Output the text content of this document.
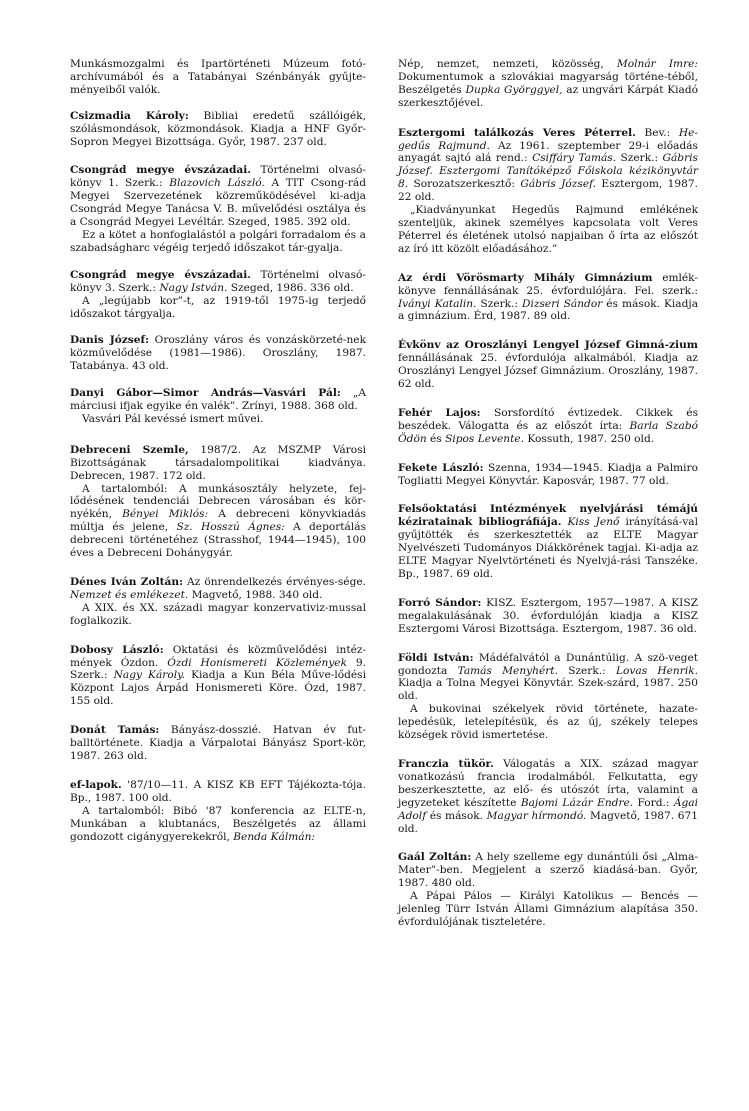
Munkásmozgalmi és Ipartörténeti Múzeum fotó-archívumából és a Tatabányai Szénbányák gyűjte-ményeiből valók.

Csizmadia Károly: Bibliai eredetű szállóigék, szólásmondások, közmondások. Kiadja a HNF Győr-Sopron Megyei Bizottsága. Győr, 1987. 237 old.

Csongrád megye évszázadai. Történelmi olvasó-könyv 1. Szerk.: Blazovich László. A TIT Csong-rád Megyei Szervezetének közreműködésével ki-adja Csongrád Megye Tanácsa V. B. művelődési osztálya és a Csongrád Megyei Levéltár. Szeged, 1985. 392 old.

Ez a kötet a honfoglalástól a polgári forradalom és a szabadságharc végéig terjedő időszakot tár-gyalja.

Csongrád megye évszázadai. Történelmi olvasó-könyv 3. Szerk.: Nagy István. Szeged, 1986. 336 old.

A „legújabb kor”-t, az 1919-től 1975-ig terjedő időszakot tárgyalja.

Danis József: Oroszlány város és vonzáskörzeté-nek közművelődése (1981—1986). Oroszlány, 1987. Tatabánya. 43 old.

Danyi Gábor—Simor András—Vasvári Pál: „A márciusi ifjak egyike én valék”. Zrínyi, 1988. 368 old.

Vasvári Pál kevéssé ismert művei.

Debreceni Szemle, 1987/2. Az MSZMP Városi Bizottságának társadalompolitikai kiadványa. Debrecen, 1987. 172 old.

A tartalomból: A munkásosztály helyzete, fej-lődésének tendenciái Debrecen városában és kör-nyékén, Bényei Miklós: A debreceni könyvkiadás múltja és jelene, Sz. Hosszú Ágnes: A deportálás debreceni történetéhez (Strasshof, 1944—1945), 100 éves a Debreceni Dohánygyár.

Dénes Iván Zoltán: Az önrendelkezés érvényes-sége. Nemzet és emlékezet. Magvető, 1988. 340 old.

A XIX. és XX. századi magyar konzervativiz-mussal foglalkozik.

Dobosy László: Oktatási és közművelődési intéz-mények Ózdon. Ózdi Honismereti Közlemények 9. Szerk.: Nagy Károly. Kiadja a Kun Béla Műve-lődési Központ Lajos Árpád Honismereti Köre. Ózd, 1987. 155 old.

Donát Tamás: Bányász-dosszié. Hatvan év fut-balltörténete. Kiadja a Várpalotai Bányász Sport-kör, 1987. 263 old.

ef-lapok. '87/10—11. A KISZ KB EFT Tájékozta-tója. Bp., 1987. 100 old.

A tartalomból: Bibó '87 konferencia az ELTE-n, Munkában a klubtanács, Beszélgetés az állami gondozott cigánygyerekekről, Benda Kálmán:

Nép, nemzet, nemzeti, közösség, Molnár Imre: Dokumentumok a szlovákiai magyarság történe-téből, Beszélgetés Dupka Györggyel, az ungvári Kárpát Kiadó szerkesztőjével.

Esztergomi találkozás Veres Péterrel. Bev.: He-gedűs Rajmund. Az 1961. szeptember 29-i előadás anyagát sajtó alá rend.: Csiffáry Tamás. Szerk.: Gábris József. Esztergomi Tanítóképző Főiskola kézikönyvtár 8. Sorozatszerkesztő: Gábris József. Esztergom, 1987. 22 old.

„Kiadványunkat Hegedűs Rajmund emlékének szenteljük, akinek személyes kapcsolata volt Veres Péterrel és életének utolsó napjaiban ő írta az előszót az író itt közölt előadásához.”

Az érdi Vörösmarty Mihály Gimnázium emlék-könyve fennállásának 25. évfordulójára. Fel. szerk.: Iványi Katalin. Szerk.: Dizseri Sándor és mások. Kiadja a gimnázium. Érd, 1987. 89 old.

Évkönv az Oroszlányi Lengyel József Gimná-zium fennállásának 25. évfordulója alkalmából. Kiadja az Oroszlányi Lengyel József Gimnázium. Oroszlány, 1987. 62 old.

Fehér Lajos: Sorsfordító évtizedek. Cikkek és beszédek. Válogatta és az előszót írta: Barla Szabó Ödön és Sipos Levente. Kossuth, 1987. 250 old.

Fekete László: Szenna, 1934—1945. Kiadja a Palmiro Togliatti Megyei Könyvtár. Kaposvár, 1987. 77 old.

Felsőoktatási Intézmények nyelvjárási témájú kéziratainak bibliográfiája. Kiss Jenő irányításá-val gyűjtötték és szerkesztették az ELTE Magyar Nyelvészeti Tudományos Diákkörének tagjai. Ki-adja az ELTE Magyar Nyelvtörténeti és Nyelvjá-rási Tanszéke. Bp., 1987. 69 old.

Forró Sándor: KISZ. Esztergom, 1957—1987. A KISZ megalakulásának 30. évfordulóján kiadja a KISZ Esztergomi Városi Bizottsága. Esztergom, 1987. 36 old.

Földi István: Mádéfalvától a Dunántúlig. A szö-veget gondozta Tamás Menyhért. Szerk.: Lovas Henrik. Kiadja a Tolna Megyei Könyvtár. Szek-szárd, 1987. 250 old.

A bukovinai székelyek rövid története, hazate-lepedésük, letelepítésük, és az új, székely telepes községek rövid ismertetése.

Franczia tükör. Válogatás a XIX. század magyar vonatkozású francia irodalmából. Felkutatta, egy beszerkesztette, az elő- és utószót írta, valamint a jegyzeteket készítette Bajomi Lázár Endre. Ford.: Ágai Adolf és mások. Magyar hírmondó. Magvető, 1987. 671 old.

Gaál Zoltán: A hely szelleme egy dunántúli ősi „Alma-Mater”-ben. Megjelent a szerző kiadásá-ban. Győr, 1987. 480 old.

A Pápai Pálos — Királyi Katolikus — Bencés — jelenleg Türr István Állami Gimnázium alapítása 350. évfordulójának tiszteletére.
